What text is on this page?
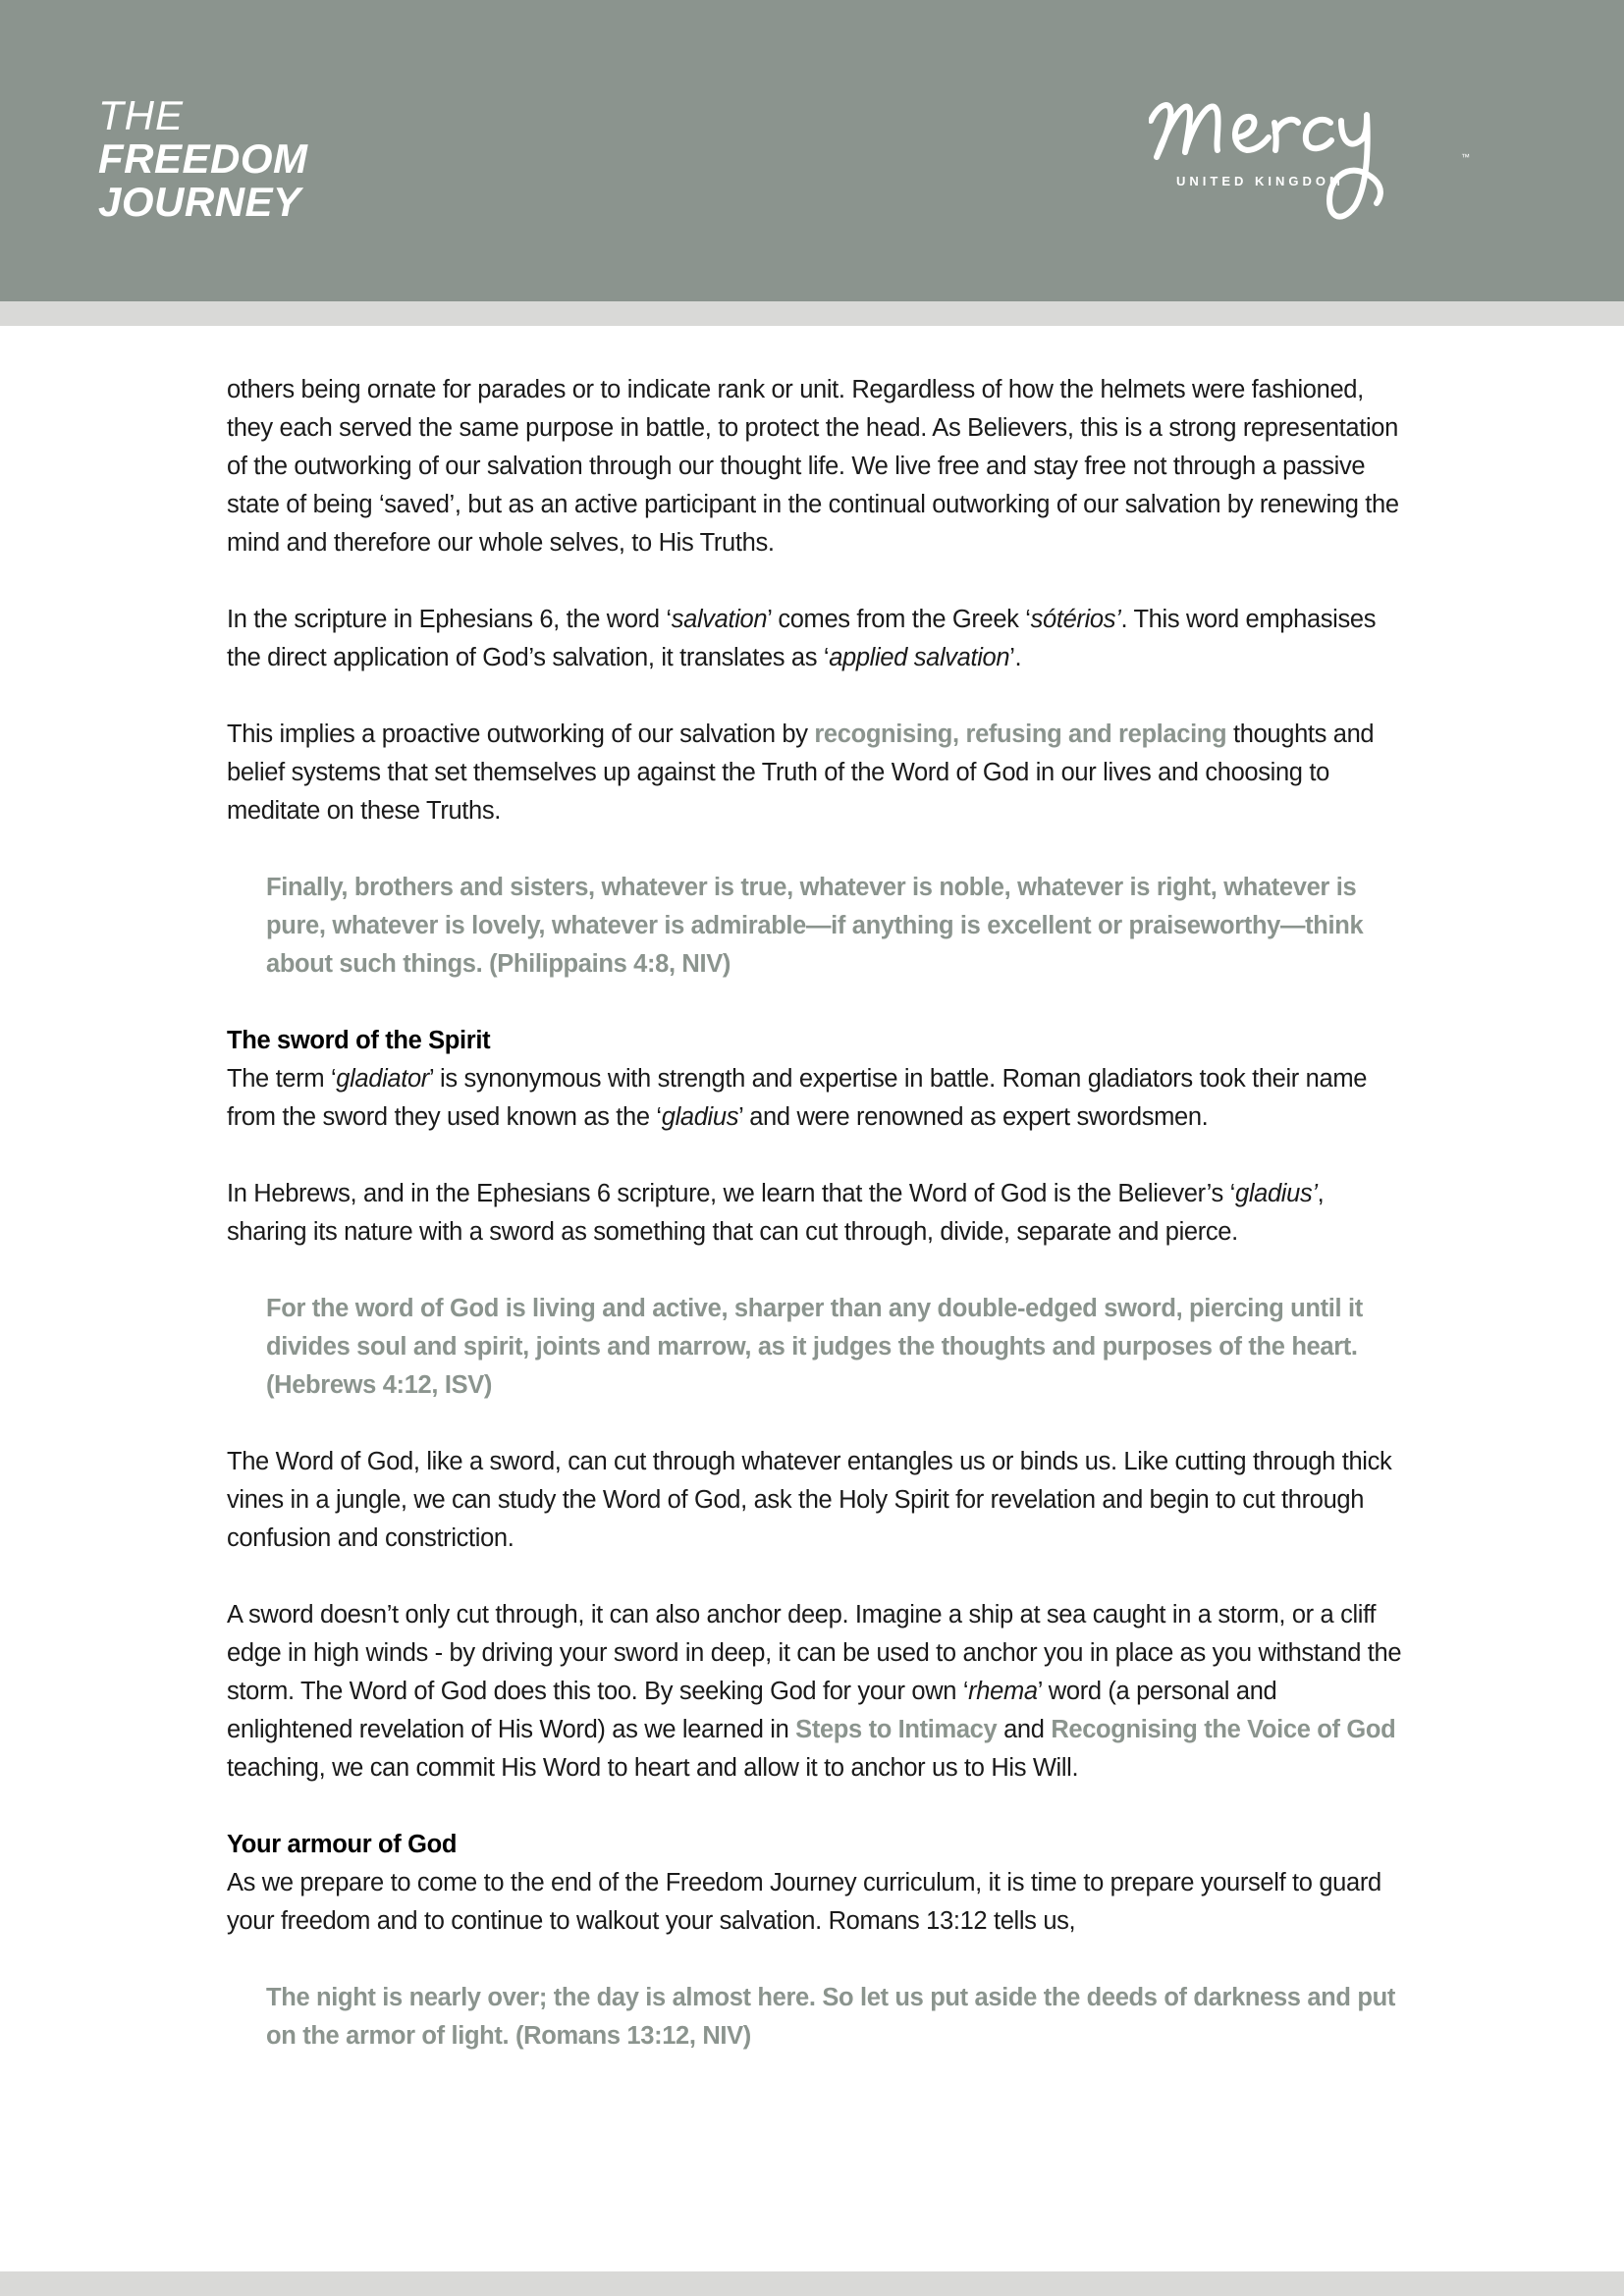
THE
FREEDOM
JOURNEY	UNITED KINGDOM
™

others being ornate for parades or to indicate rank or unit. Regardless of how the helmets were fashioned, they each served the same purpose in battle, to protect the head. As Believers, this is a strong representation of the outworking of our salvation through our thought life. We live free and stay free not through a passive state of being ‘saved’, but as an active participant in the continual outworking of our salvation by renewing the mind and therefore our whole selves, to His Truths.

In the scripture in Ephesians 6, the word ‘salvation’ comes from the Greek ‘sótérios’. This word emphasises the direct application of God’s salvation, it translates as ‘applied salvation’.

This implies a proactive outworking of our salvation by recognising, refusing and replacing thoughts and belief systems that set themselves up against the Truth of the Word of God in our lives and choosing to meditate on these Truths.

Finally, brothers and sisters, whatever is true, whatever is noble, whatever is right, whatever is pure, whatever is lovely, whatever is admirable—if anything is excellent or praiseworthy—think about such things. (Philippains 4:8, NIV)

The sword of the Spirit

The term ‘gladiator’ is synonymous with strength and expertise in battle. Roman gladiators took their name from the sword they used known as the ‘gladius’ and were renowned as expert swordsmen.

In Hebrews, and in the Ephesians 6 scripture, we learn that the Word of God is the Believer’s ‘gladius’, sharing its nature with a sword as something that can cut through, divide, separate and pierce.

For the word of God is living and active, sharper than any double-edged sword, piercing until it divides soul and spirit, joints and marrow, as it judges the thoughts and purposes of the heart. (Hebrews 4:12, ISV)

The Word of God, like a sword, can cut through whatever entangles us or binds us. Like cutting through thick vines in a jungle, we can study the Word of God, ask the Holy Spirit for revelation and begin to cut through confusion and constriction.

A sword doesn’t only cut through, it can also anchor deep. Imagine a ship at sea caught in a storm, or a cliff edge in high winds - by driving your sword in deep, it can be used to anchor you in place as you withstand the storm. The Word of God does this too. By seeking God for your own ‘rhema’ word (a personal and enlightened revelation of His Word) as we learned in Steps to Intimacy and Recognising the Voice of God teaching, we can commit His Word to heart and allow it to anchor us to His Will.

Your armour of God

As we prepare to come to the end of the Freedom Journey curriculum, it is time to prepare yourself to guard your freedom and to continue to walkout your salvation. Romans 13:12 tells us,

The night is nearly over; the day is almost here. So let us put aside the deeds of darkness and put on the armor of light. (Romans 13:12, NIV)
